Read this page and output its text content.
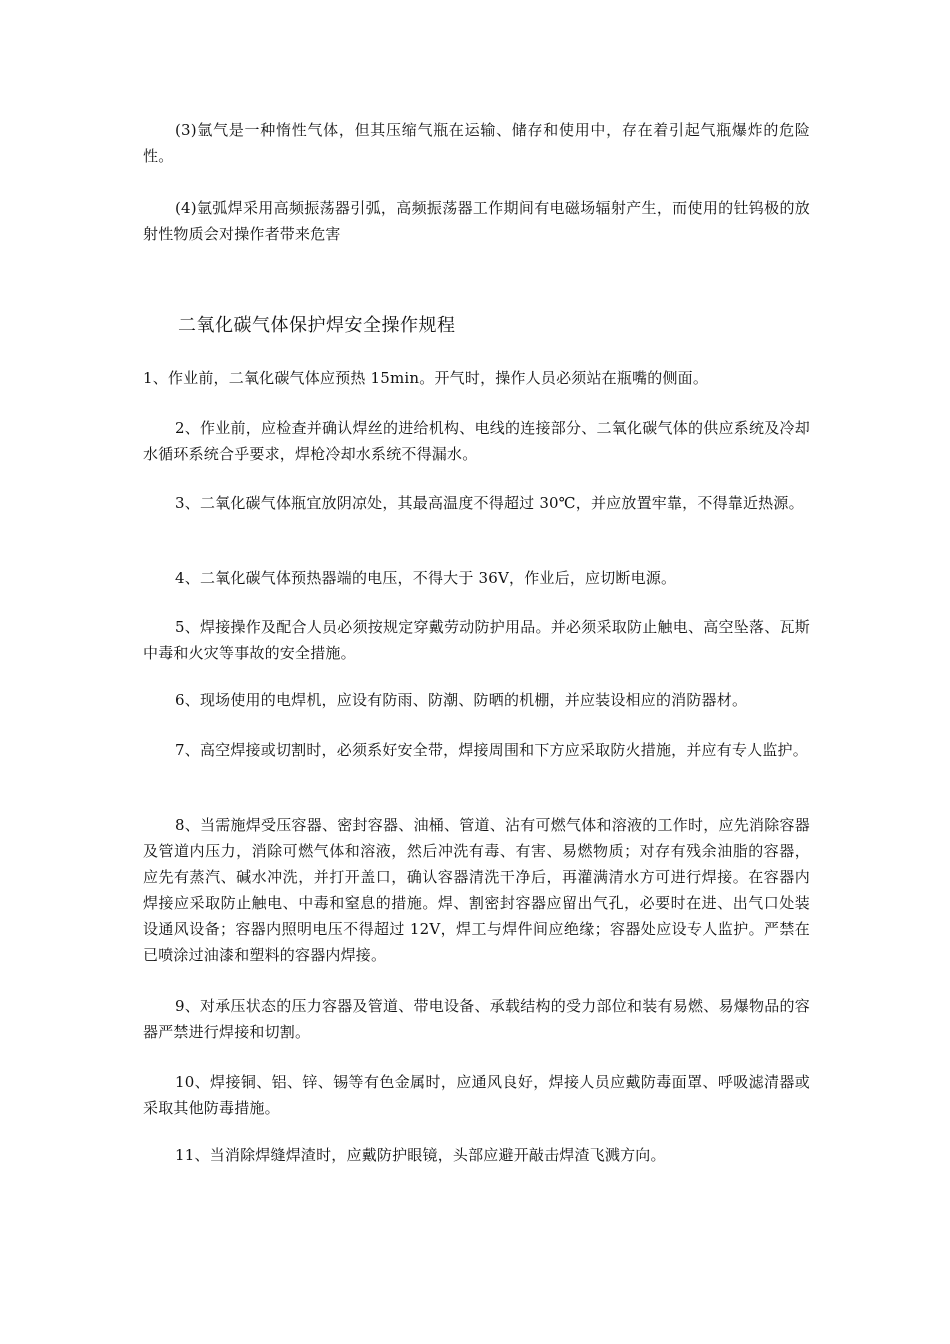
(3)氩气是一种惰性气体，但其压缩气瓶在运输、储存和使用中，存在着引起气瓶爆炸的危险性。

(4)氩弧焊采用高频振荡器引弧，高频振荡器工作期间有电磁场辐射产生，而使用的钍钨极的放射性物质会对操作者带来危害

二氧化碳气体保护焊安全操作规程

1、作业前，二氧化碳气体应预热 15min。开气时，操作人员必须站在瓶嘴的侧面。

2、作业前，应检查并确认焊丝的进给机构、电线的连接部分、二氧化碳气体的供应系统及冷却水循环系统合乎要求，焊枪冷却水系统不得漏水。

3、二氧化碳气体瓶宜放阴凉处，其最高温度不得超过 30℃，并应放置牢靠，不得靠近热源。

4、二氧化碳气体预热器端的电压，不得大于 36V，作业后，应切断电源。

5、焊接操作及配合人员必须按规定穿戴劳动防护用品。并必须采取防止触电、高空坠落、瓦斯中毒和火灾等事故的安全措施。

6、现场使用的电焊机，应设有防雨、防潮、防晒的机棚，并应装设相应的消防器材。

7、高空焊接或切割时，必须系好安全带，焊接周围和下方应采取防火措施，并应有专人监护。

8、当需施焊受压容器、密封容器、油桶、管道、沾有可燃气体和溶液的工作时，应先消除容器及管道内压力，消除可燃气体和溶液，然后冲洗有毒、有害、易燃物质；对存有残余油脂的容器，应先有蒸汽、碱水冲洗，并打开盖口，确认容器清洗干净后，再灌满清水方可进行焊接。在容器内焊接应采取防止触电、中毒和窒息的措施。焊、割密封容器应留出气孔，必要时在进、出气口处装设通风设备；容器内照明电压不得超过 12V，焊工与焊件间应绝缘；容器处应设专人监护。严禁在已喷涂过油漆和塑料的容器内焊接。

9、对承压状态的压力容器及管道、带电设备、承载结构的受力部位和装有易燃、易爆物品的容器严禁进行焊接和切割。

10、焊接铜、铝、锌、锡等有色金属时，应通风良好，焊接人员应戴防毒面罩、呼吸滤清器或采取其他防毒措施。

11、当消除焊缝焊渣时，应戴防护眼镜，头部应避开敲击焊渣飞溅方向。
